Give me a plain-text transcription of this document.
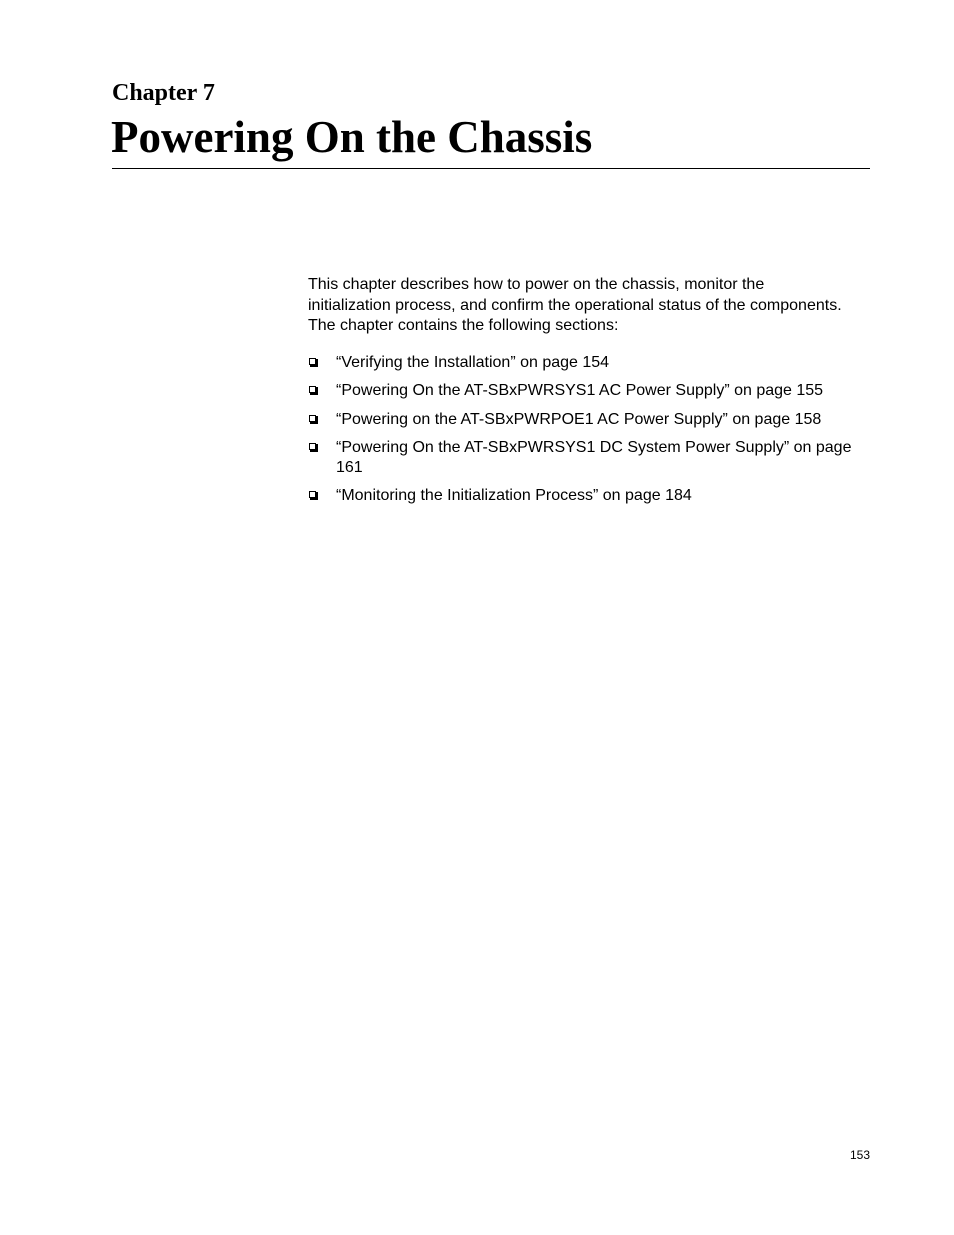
Chapter 7
Powering On the Chassis

This chapter describes how to power on the chassis, monitor the initialization process, and confirm the operational status of the components. The chapter contains the following sections:

“Verifying the Installation” on page 154
“Powering On the AT-SBxPWRSYS1 AC Power Supply” on page 155
“Powering on the AT-SBxPWRPOE1 AC Power Supply” on page 158
“Powering On the AT-SBxPWRSYS1 DC System Power Supply” on page 161
“Monitoring the Initialization Process” on page 184
153
